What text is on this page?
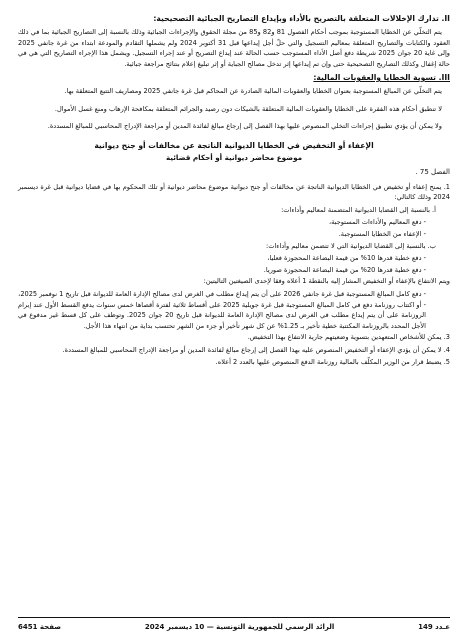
II. تدارك الإخلالات المتعلقة بالتصريح بالأداء وبإيداع التصاريح الجبائية التصحيحية:

يتم التخلّي عن الخطايا المستوجبة بموجب أحكام الفصول 81 و82 و85 من مجلة الحقوق والإجراءات الجبائية وذلك بالنسبة إلى التصاريح الجبائية بما في ذلك العقود والكتابات والتصاريح المتعلقة بمعاليم التسجيل والتي حلّ أجل إيداعها قبل 31 أكتوبر 2024 ولم يشملها التقادم والمودعة ابتداء من غرة جانفي 2025 وإلى غاية 20 جوان 2025 شريطة دفع أصل الأداء المستوجب حسب الحالة عند إيداع التصريح أو عند إجراء التسجيل. ويشمل هذا الإجراء التصاريح التي هي في حالة إغفال وكذلك التصاريح التصحيحية حتى وإن تم إيداعها إثر تدخل مصالح الجباية أو إثر تبليغ إعلام بنتائج مراجعة جبائية.

III. تسوية الخطايا والعقوبات المالية:

يتم التخلّي عن المبالغ المستوجبة بعنوان الخطايا والعقوبات المالية الصادرة عن المحاكم قبل غرة جانفي 2025 ومصاريف التتبع المتعلقة بها.

لا تنطبق أحكام هذه الفقرة على الخطايا والعقوبات المالية المتعلقة بالشيكات دون رصيد والجرائم المتعلقة بمكافحة الإرهاب ومنع غسل الأموال.

ولا يمكن أن يؤدي تطبيق إجراءات التخلي المنصوص عليها بهذا الفصل إلى إرجاع مبالغ لفائدة المدين أو مراجعة الإدراج المحاسبي للمبالغ المسددة.

الإعفاء أو التخفيض في الخطايا الديوانية الناتجة عن مخالفات أو جنح ديوانية

موضوع محاضر ديوانية أو أحكام قضائية

الفصل 75 .

1. يمنح إعفاء أو تخفيض في الخطايا الديوانية الناتجة عن مخالفات أو جنح ديوانية موضوع محاضر ديوانية أو تلك المحكوم بها في قضايا ديوانية قبل غرة ديسمبر 2024 وذلك كالتالي:

أ. بالنسبة إلى القضايا الديوانية المتضمنة لمعاليم وأداءات:

- دفع المعاليم والأداءات المستوجبة،

- الإعفاء من الخطايا المستوجبة.

ب. بالنسبة إلى القضايا الديوانية التي لا تتضمن معاليم وأداءات:

- دفع خطية قدرها 10% من قيمة البضاعة المحجوزة فعليا،

- دفع خطية قدرها 20% من قيمة البضاعة المحجوزة صوريا.

ويتم الانتفاع بالإعفاء أو التخفيض المشار إليه بالنقطة 1 أعلاه وفقا لإحدى الصيغتين التاليتين:

- دفع كامل المبالغ المستوجبة قبل غرة جانفي 2026 على أن يتم إيداع مطلب في الغرض لدى مصالح الإدارة العامة للديوانة قبل تاريخ 1 نوفمبر 2025،

- أو اكتتاب روزنامة دفع في كامل المبالغ المستوجبة قبل غرة جويلية 2025 على أقساط ثلاثية لفترة أقصاها خمس سنوات يدفع القسط الأول عند إبرام الروزنامة على أن يتم إيداع مطلب في الغرض لدى مصالح الإدارة العامة للديوانة قبل تاريخ 20 جوان 2025. وتوظف على كل قسط غير مدفوع في الأجل المحدد بالروزنامة المكتتبة خطية تأخير بـ 1.25% عن كل شهر تأخير أو جزء من الشهر تحتسب بداية من انتهاء هذا الأجل.

3. يمكن للأشخاص المتعهدين بتسوية وضعيتهم جارية الانتفاع بهذا التخفيض.

4. لا يمكن أن يؤدي الإعفاء أو التخفيض المنصوص عليه بهذا الفصل إلى إرجاع مبالغ لفائدة المدين أو مراجعة الإدراج المحاسبي للمبالغ المسددة.

5. يضبط قرار من الوزير المكلّف بالمالية روزنامة الدفع المنصوص عليها بالعدد 2 أعلاه.

عـدد 149
الرائد الرسمي للجمهورية التونسية — 10 ديسمبر 2024
صفحة 6451
